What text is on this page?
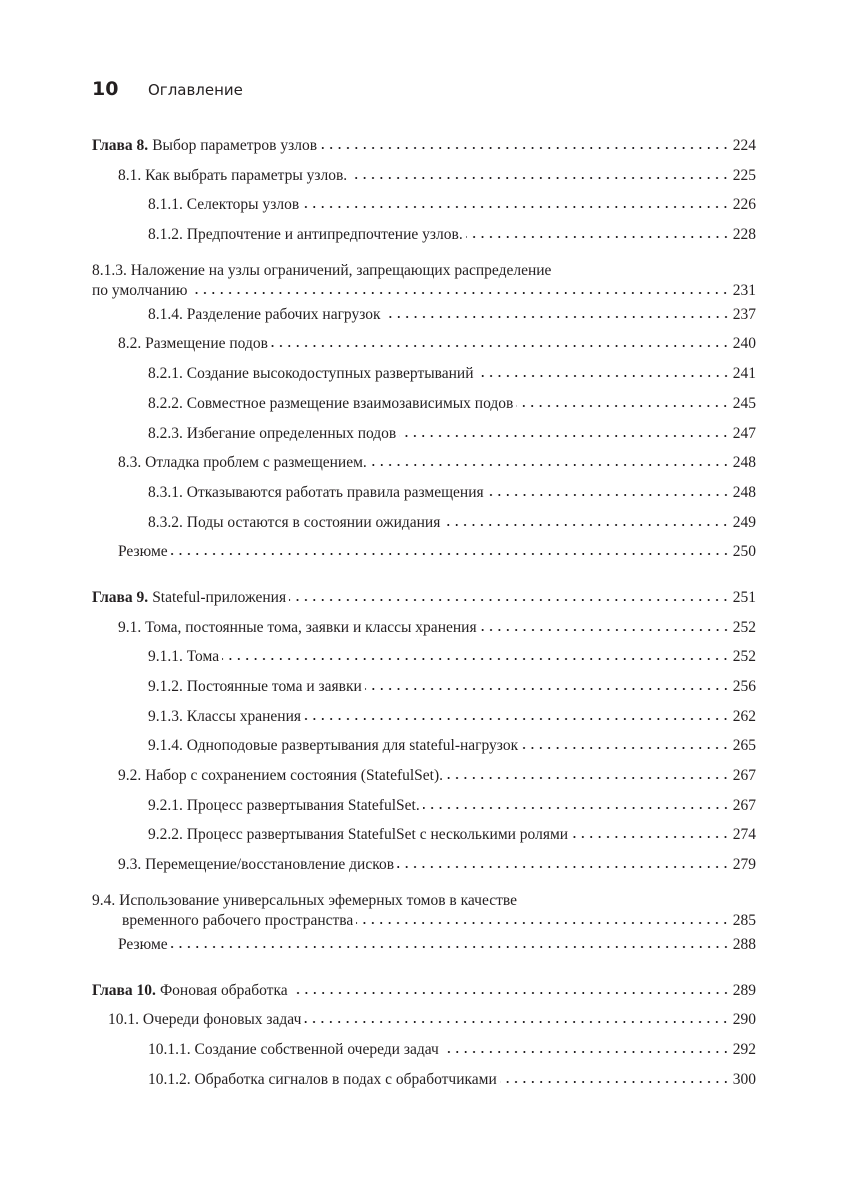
10	Оглавление
Глава 8. Выбор параметров узлов	224
8.1. Как выбрать параметры узлов.	225
8.1.1. Селекторы узлов	226
8.1.2. Предпочтение и антипредпочтение узлов.	228
8.1.3. Наложение на узлы ограничений, запрещающих распределение
по умолчанию	231
8.1.4. Разделение рабочих нагрузок	237
8.2. Размещение подов	240
8.2.1. Создание высокодоступных развертываний	241
8.2.2. Совместное размещение взаимозависимых подов	245
8.2.3. Избегание определенных подов	247
8.3. Отладка проблем с размещением.	248
8.3.1. Отказываются работать правила размещения	248
8.3.2. Поды остаются в состоянии ожидания	249
Резюме	250
Глава 9. Stateful-приложения	251
9.1. Тома, постоянные тома, заявки и классы хранения	252
9.1.1. Тома	252
9.1.2. Постоянные тома и заявки	256
9.1.3. Классы хранения	262
9.1.4. Одноподовые развертывания для stateful-нагрузок	265
9.2. Набор с сохранением состояния (StatefulSet).	267
9.2.1. Процесс развертывания StatefulSet.	267
9.2.2. Процесс развертывания StatefulSet с несколькими ролями	274
9.3. Перемещение/восстановление дисков	279
9.4. Использование универсальных эфемерных томов в качестве
временного рабочего пространства	285
Резюме	288
Глава 10. Фоновая обработка	289
10.1. Очереди фоновых задач	290
10.1.1. Создание собственной очереди задач	292
10.1.2. Обработка сигналов в подах с обработчиками	300
